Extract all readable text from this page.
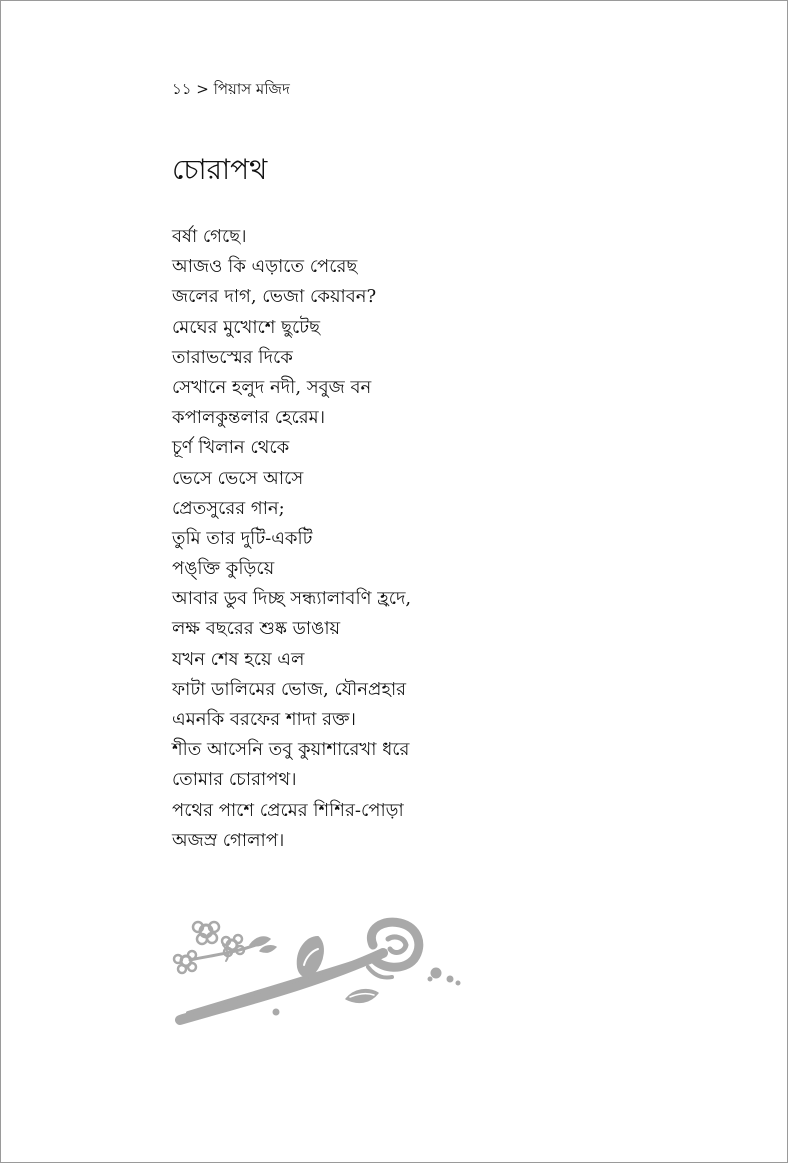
১১ > পিয়াস মজিদ
চোরাপথ
বর্ষা গেছে।
আজও কি এড়াতে পেরেছ
জলের দাগ, ভেজা কেয়াবন?
মেঘের মুখোশে ছুটেছ
তারাভস্মের দিকে
সেখানে হলুদ নদী, সবুজ বন
কপালকুন্তলার হেরেম।
চূর্ণ খিলান থেকে
ভেসে ভেসে আসে
প্রেতসুরের গান;
তুমি তার দুটি-একটি
পঙ্‌ক্তি কুড়িয়ে
আবার ডুব দিচ্ছ সন্ধ্যালাবণি হ্রদে,
লক্ষ বছরের শুষ্ক ডাঙায়
যখন শেষ হয়ে এল
ফাটা ডালিমের ভোজ, যৌনপ্রহার
এমনকি বরফের শাদা রক্ত।
শীত আসেনি তবু কুয়াশারেখা ধরে
তোমার চোরাপথ।
পথের পাশে প্রেমের শিশির-পোড়া
অজস্র গোলাপ।
